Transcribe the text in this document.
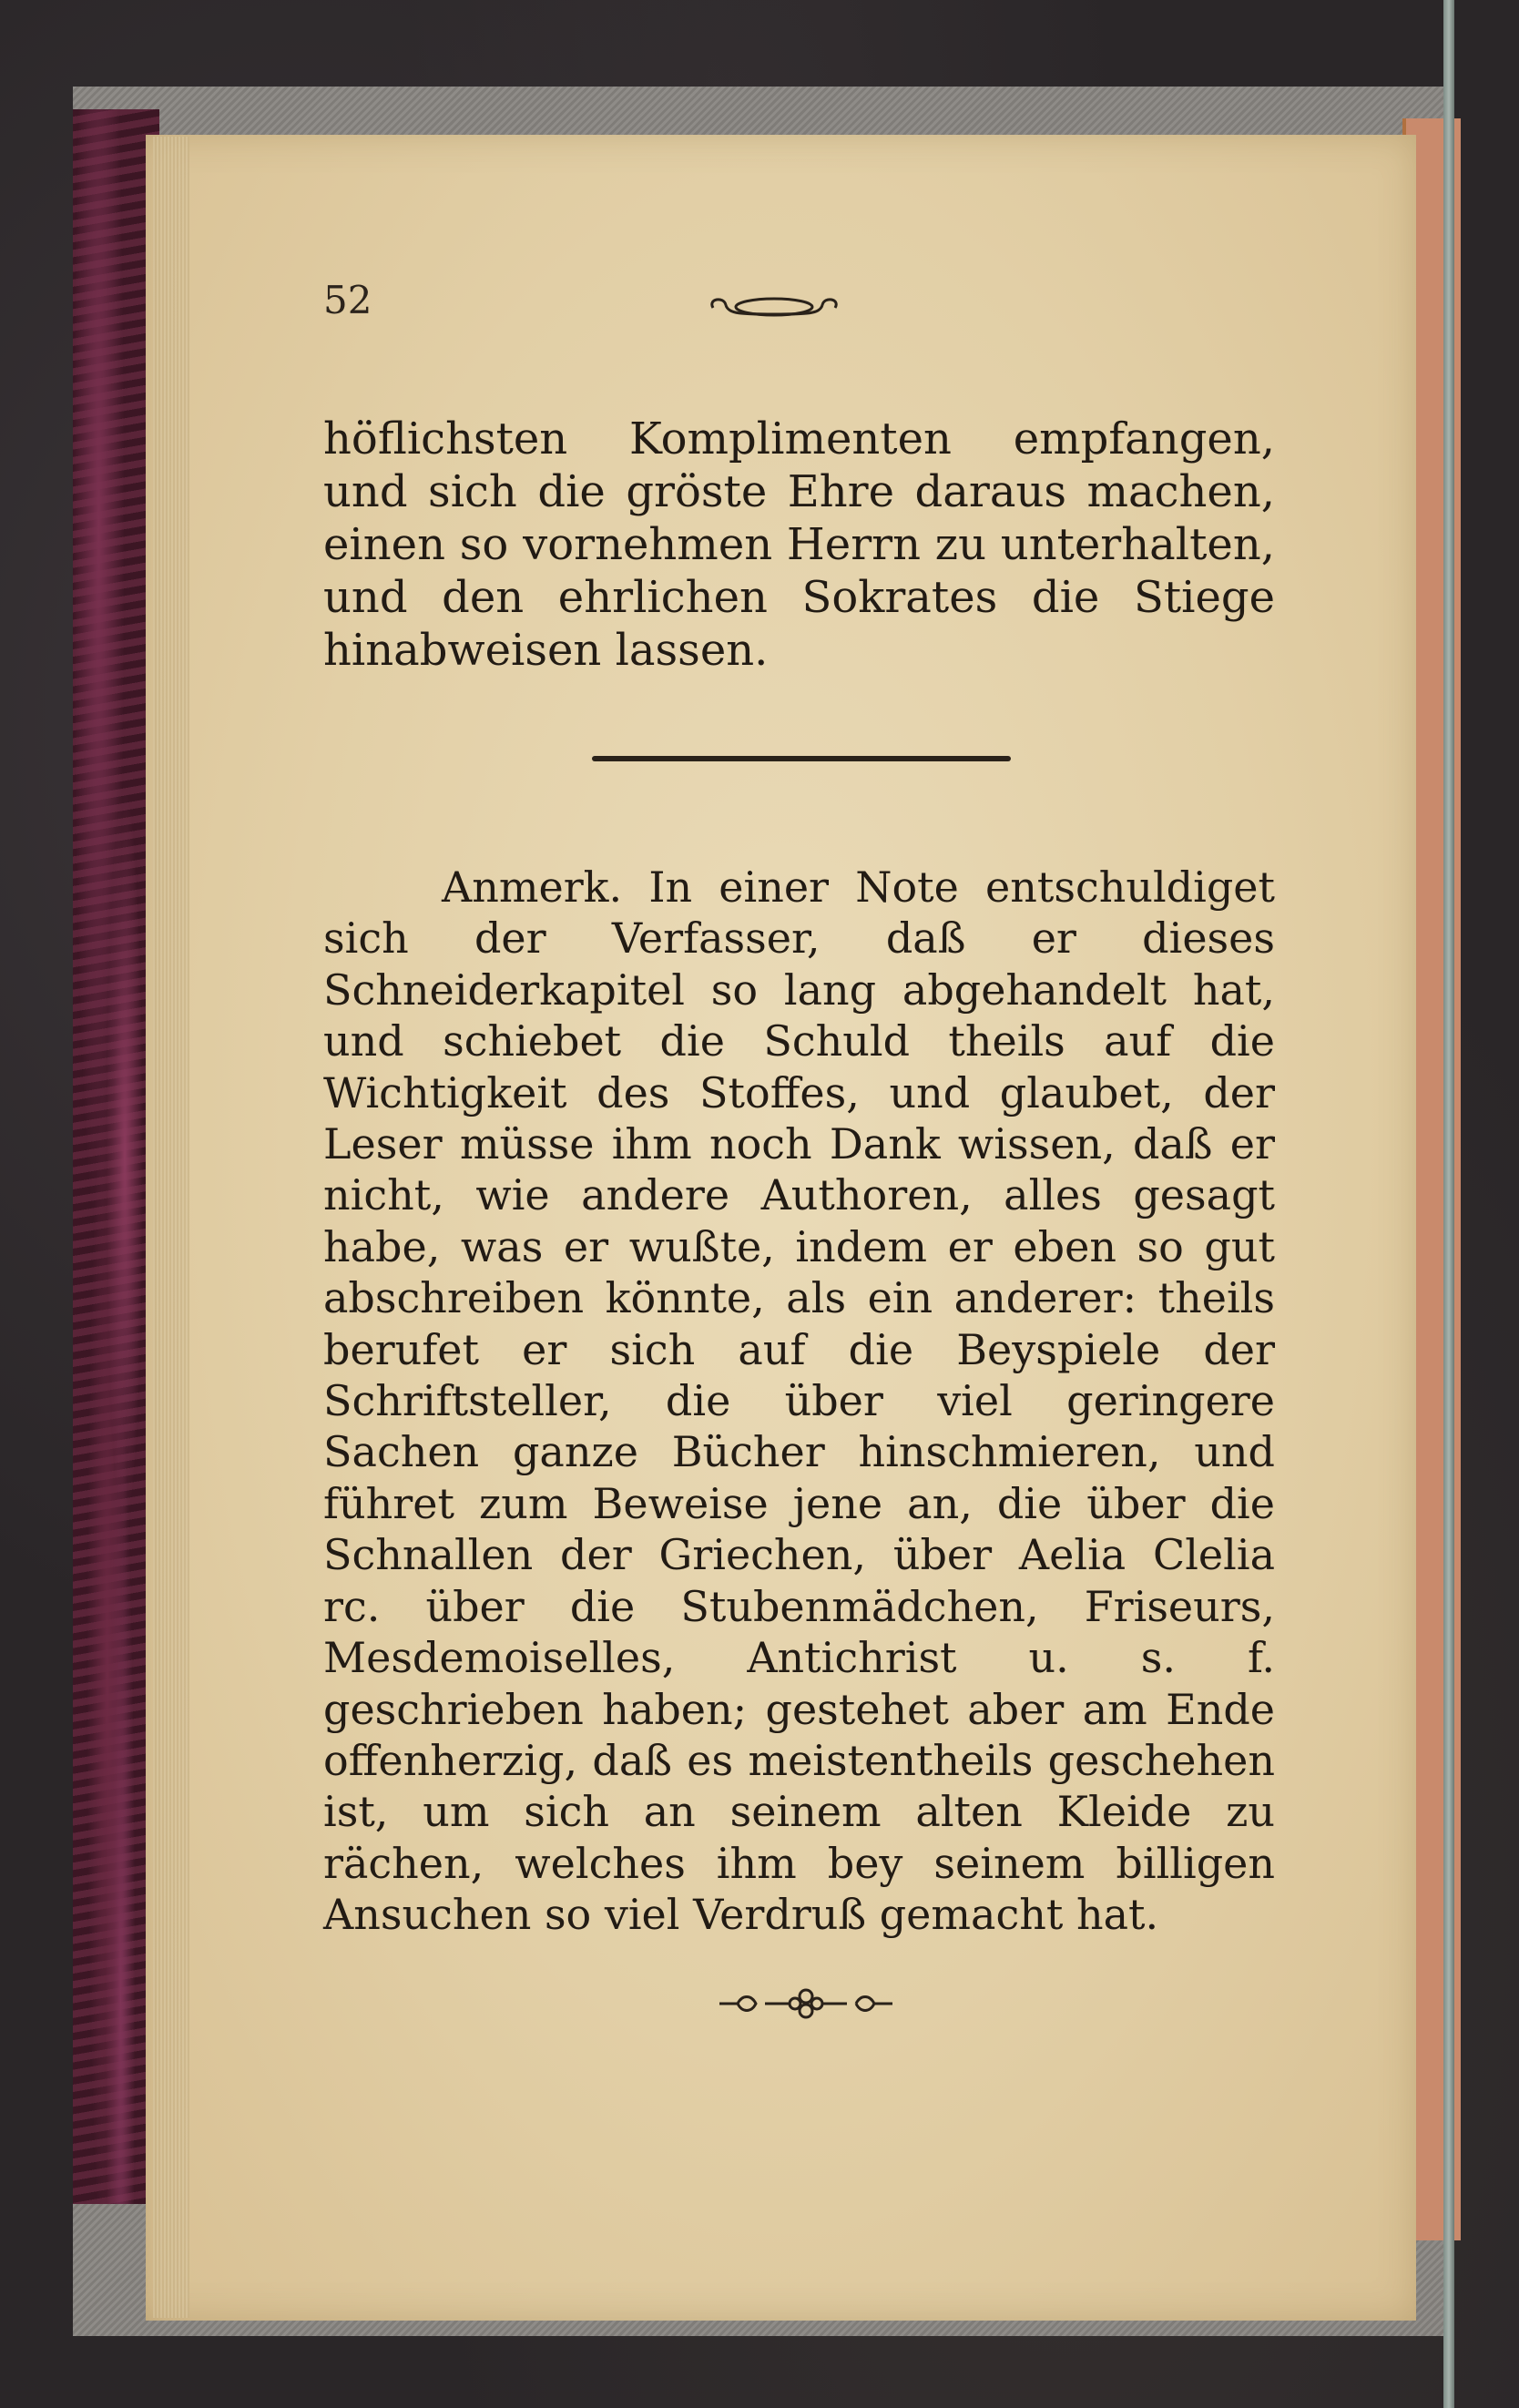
52

höflichsten Komplimenten empfangen, und sich die gröste Ehre daraus machen, einen so vornehmen Herrn zu unterhalten, und den ehrlichen Sokrates die Stiege hinabweisen lassen.

Anmerk. In einer Note entschuldiget sich der Verfasser, daß er dieses Schneiderkapitel so lang abgehandelt hat, und schiebet die Schuld theils auf die Wichtigkeit des Stoffes, und glaubet, der Leser müsse ihm noch Dank wissen, daß er nicht, wie andere Authoren, alles gesagt habe, was er wußte, indem er eben so gut abschreiben könnte, als ein anderer: theils berufet er sich auf die Beyspiele der Schriftsteller, die über viel geringere Sachen ganze Bücher hinschmieren, und führet zum Beweise jene an, die über die Schnallen der Griechen, über Aelia Clelia rc. über die Stubenmädchen, Friseurs, Mesdemoiselles, Antichrist u. s. f. geschrieben haben; gestehet aber am Ende offenherzig, daß es meistentheils geschehen ist, um sich an seinem alten Kleide zu rächen, welches ihm bey seinem billigen Ansuchen so viel Verdruß gemacht hat.
